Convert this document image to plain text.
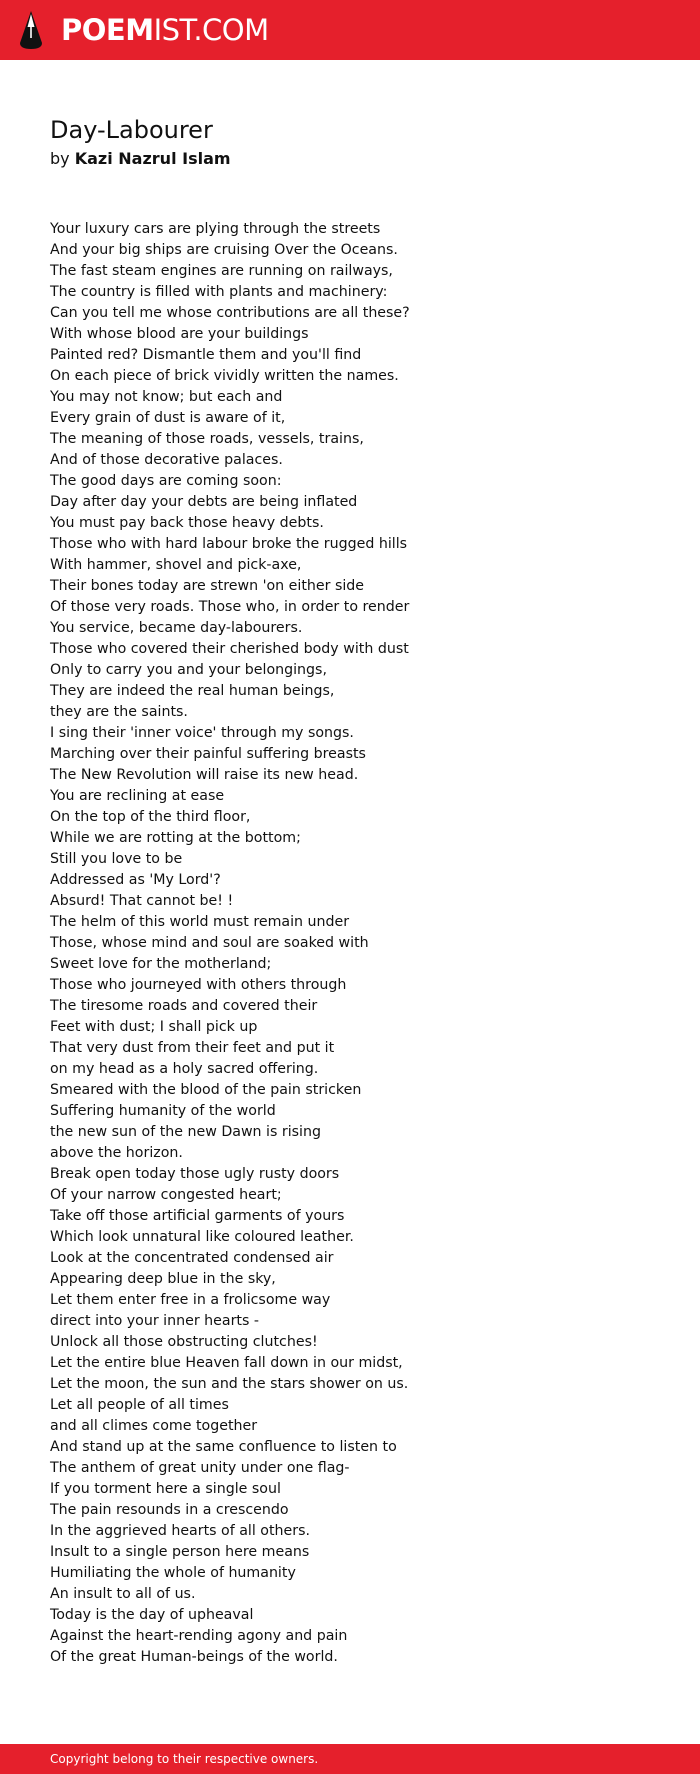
POEMIST.COM
Day-Labourer
by Kazi Nazrul Islam
Your luxury cars are plying through the streets
And your big ships are cruising Over the Oceans.
The fast steam engines are running on railways,
The country is filled with plants and machinery:
Can you tell me whose contributions are all these?
With whose blood are your buildings
Painted red? Dismantle them and you'll find
On each piece of brick vividly written the names.
You may not know; but each and
Every grain of dust is aware of it,
The meaning of those roads, vessels, trains,
And of those decorative palaces.
The good days are coming soon:
Day after day your debts are being inflated
You must pay back those heavy debts.
Those who with hard labour broke the rugged hills
With hammer, shovel and pick-axe,
Their bones today are strewn 'on either side
Of those very roads. Those who, in order to render
You service, became day-labourers.
Those who covered their cherished body with dust
Only to carry you and your belongings,
They are indeed the real human beings,
they are the saints.
I sing their 'inner voice' through my songs.
Marching over their painful suffering breasts
The New Revolution will raise its new head.
You are reclining at ease
On the top of the third floor,
While we are rotting at the bottom;
Still you love to be
Addressed as 'My Lord'?
Absurd! That cannot be! !
The helm of this world must remain under
Those, whose mind and soul are soaked with
Sweet love for the motherland;
Those who journeyed with others through
The tiresome roads and covered their
Feet with dust; I shall pick up
That very dust from their feet and put it
on my head as a holy sacred offering.
Smeared with the blood of the pain stricken
Suffering humanity of the world
the new sun of the new Dawn is rising
above the horizon.
Break open today those ugly rusty doors
Of your narrow congested heart;
Take off those artificial garments of yours
Which look unnatural like coloured leather.
Look at the concentrated condensed air
Appearing deep blue in the sky,
Let them enter free in a frolicsome way
direct into your inner hearts -
Unlock all those obstructing clutches!
Let the entire blue Heaven fall down in our midst,
Let the moon, the sun and the stars shower on us.
Let all people of all times
and all climes come together
And stand up at the same confluence to listen to
The anthem of great unity under one flag-
If you torment here a single soul
The pain resounds in a crescendo
In the aggrieved hearts of all others.
Insult to a single person here means
Humiliating the whole of humanity
An insult to all of us.
Today is the day of upheaval
Against the heart-rending agony and pain
Of the great Human-beings of the world.
Copyright belong to their respective owners.
